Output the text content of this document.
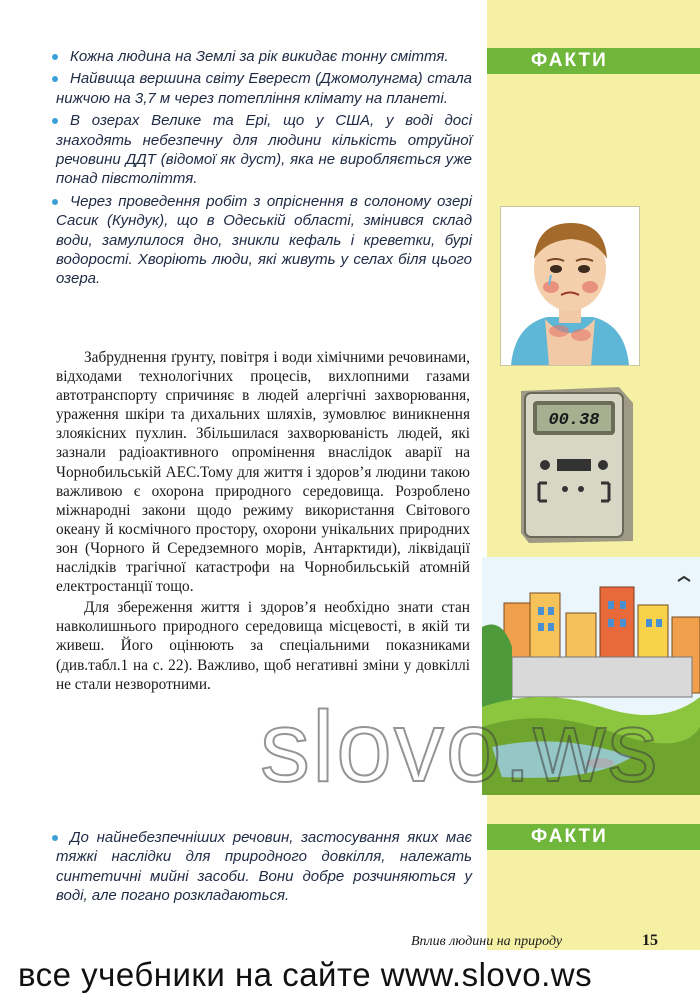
ФАКТИ
ФАКТИ

Кожна людина на Землі за рік викидає тонну сміття.

Найвища вершина світу Еверест (Джомолунгма) стала нижчою на 3,7 м через потепління клімату на планеті.

В озерах Велике та Ері, що у США, у воді досі знаходять небезпечну для людини кількість отруйної речовини ДДТ (відомої як дуст), яка не виробляється уже понад півстоліття.

Через проведення робіт з опріснення в солоному озері Сасик (Кундук), що в Одеській області, змінився склад води, замулилося дно, зникли кефаль і креветки, бурі водорості. Хворіють люди, які живуть у селах біля цього озера.

Забруднення ґрунту, повітря і води хімічними речовинами, відходами технологічних процесів, вихлопними газами автотранспорту спричиняє в людей алергічні захворювання, ураження шкіри та дихальних шляхів, зумовлює виникнення злоякісних пухлин. Збільшилася захворюваність людей, які зазнали радіоактивного опромінення внаслідок аварії на Чорнобильській АЕС.Тому для життя і здоров’я людини такою важливою є охорона природного середовища. Розроблено міжнародні закони щодо режиму використання Світового океану й космічного простору, охорони унікальних природних зон (Чорного й Середземного морів, Антарктиди), ліквідації наслідків трагічної катастрофи на Чорнобильській атомній електростанції тощо.

Для збереження життя і здоров’я необхідно знати стан навколишнього природного середовища місцевості, в якій ти живеш. Його оцінюють за спеціальними показниками (див.табл.1 на с. 22). Важливо, щоб негативні зміни у довкіллі не стали незворотними.

До найнебезпечніших речовин, застосування яких має тяжкі наслідки для природного довкілля, належать синтетичні мийні засоби. Вони добре розчиняються у воді, але погано розкладаються.

00.38
slovo.ws
Вплив людини на природу	15
все учебники на сайте www.slovo.ws
